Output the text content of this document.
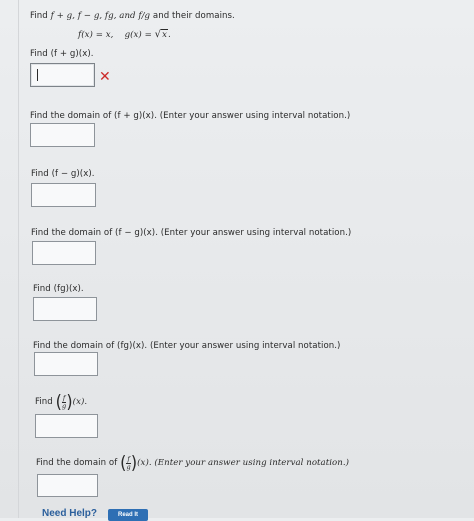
Find f + g, f − g, fg, and f/g and their domains.
f(x) = x, g(x) = √x.
Find (f + g)(x).
✕
Find the domain of (f + g)(x). (Enter your answer using interval notation.)
Find (f − g)(x).
Find the domain of (f − g)(x). (Enter your answer using interval notation.)
Find (fg)(x).
Find the domain of (fg)(x). (Enter your answer using interval notation.)
Find ( $\frac{f}{g} )(x)$.
Find the domain of ( $\frac{f}{g} )(x)$. (Enter your answer using interval notation.)
Need Help?	Read It
